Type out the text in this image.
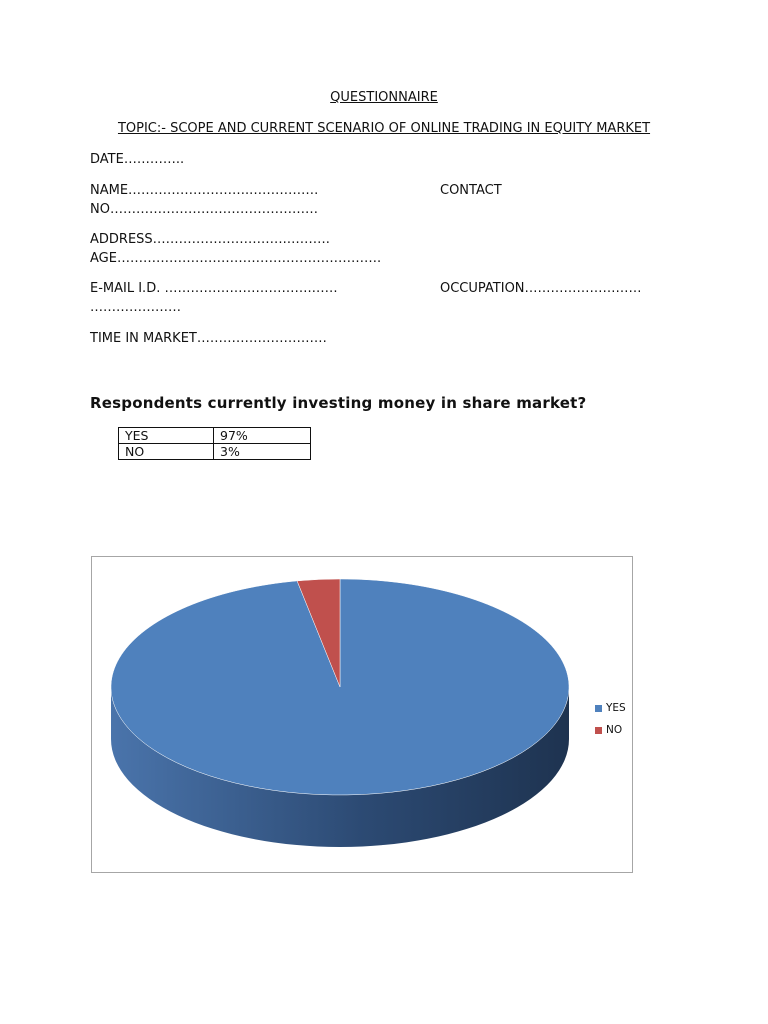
QUESTIONNAIRE
TOPIC:- SCOPE AND CURRENT SCENARIO OF ONLINE TRADING IN EQUITY MARKET
DATE…………..
NAME………………………..……………	CONTACT
NO…………………………………………
ADDRESS………………………….……….
AGE…………………………………………………….
E-MAIL I.D. …………………………….……	OCCUPATION………………………
…………………
TIME IN MARKET…………………………
Respondents currently investing money in share market?
YES	97%
NO	3%
YES
NO
